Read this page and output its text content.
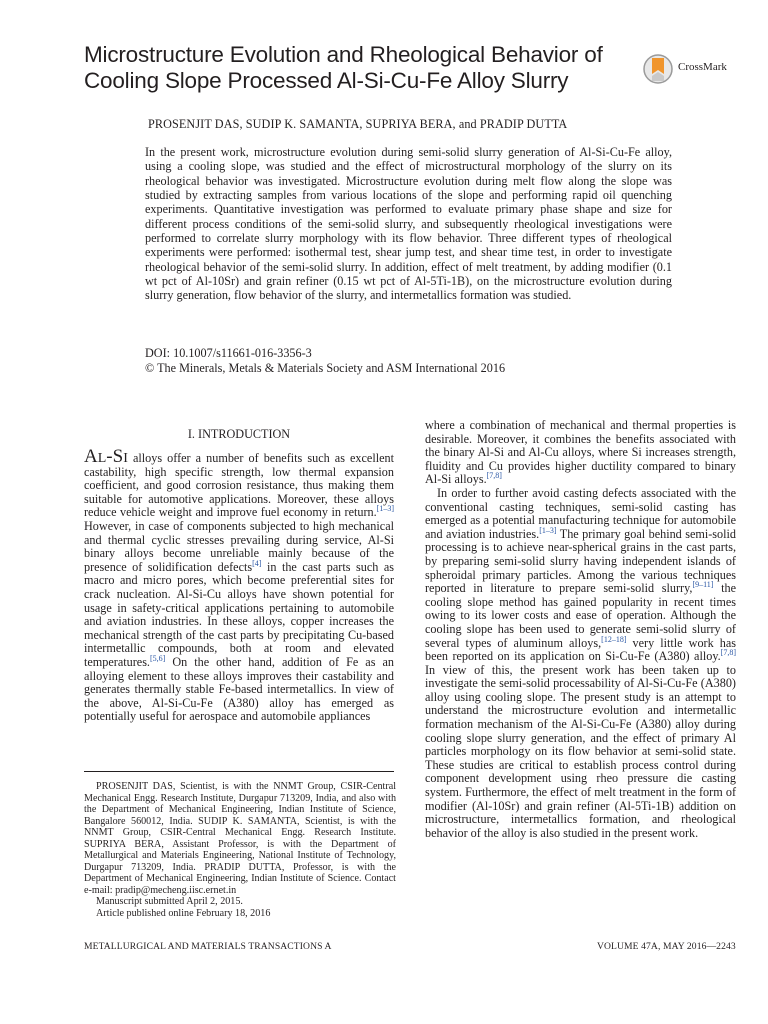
Microstructure Evolution and Rheological Behavior of
Cooling Slope Processed Al-Si-Cu-Fe Alloy Slurry
CrossMark
PROSENJIT DAS, SUDIP K. SAMANTA, SUPRIYA BERA, and PRADIP DUTTA

In the present work, microstructure evolution during semi-solid slurry generation of Al-Si-Cu-Fe alloy, using a cooling slope, was studied and the effect of microstructural morphology of the slurry on its rheological behavior was investigated. Microstructure evolution during melt flow along the slope was studied by extracting samples from various locations of the slope and performing rapid oil quenching experiments. Quantitative investigation was performed to evaluate primary phase shape and size for different process conditions of the semi-solid slurry, and subsequently rheological investigations were performed to correlate slurry morphology with its flow behavior. Three different types of rheological experiments were performed: isothermal test, shear jump test, and shear time test, in order to investigate rheological behavior of the semi-solid slurry. In addition, effect of melt treatment, by adding modifier (0.1 wt pct of Al-10Sr) and grain refiner (0.15 wt pct of Al-5Ti-1B), on the microstructure evolution during slurry generation, flow behavior of the slurry, and intermetallics formation was studied.

DOI: 10.1007/s11661-016-3356-3
© The Minerals, Metals & Materials Society and ASM International 2016
I. INTRODUCTION

AL-SI alloys offer a number of benefits such as excellent castability, high specific strength, low thermal expansion coefficient, and good corrosion resistance, thus making them suitable for automotive applications. Moreover, these alloys reduce vehicle weight and improve fuel economy in return.[1–3] However, in case of components subjected to high mechanical and thermal cyclic stresses prevailing during service, Al-Si binary alloys become unreliable mainly because of the presence of solidification defects[4] in the cast parts such as macro and micro pores, which become preferential sites for crack nucleation. Al-Si-Cu alloys have shown potential for usage in safety-critical applications pertaining to automobile and aviation industries. In these alloys, copper increases the mechanical strength of the cast parts by precipitating Cu-based intermetallic compounds, both at room and elevated temperatures.[5,6] On the other hand, addition of Fe as an alloying element to these alloys improves their castability and generates thermally stable Fe-based intermetallics. In view of the above, Al-Si-Cu-Fe (A380) alloy has emerged as potentially useful for aerospace and automobile appliances

PROSENJIT DAS, Scientist, is with the NNMT Group, CSIR-Central Mechanical Engg. Research Institute, Durgapur 713209, India, and also with the Department of Mechanical Engineering, Indian Institute of Science, Bangalore 560012, India. SUDIP K. SAMANTA, Scientist, is with the NNMT Group, CSIR-Central Mechanical Engg. Research Institute. SUPRIYA BERA, Assistant Professor, is with the Department of Metallurgical and Materials Engineering, National Institute of Technology, Durgapur 713209, India. PRADIP DUTTA, Professor, is with the Department of Mechanical Engineering, Indian Institute of Science. Contact e-mail: pradip@mecheng.iisc.ernet.in

Manuscript submitted April 2, 2015.

Article published online February 18, 2016

where a combination of mechanical and thermal properties is desirable. Moreover, it combines the benefits associated with the binary Al-Si and Al-Cu alloys, where Si increases strength, fluidity and Cu provides higher ductility compared to binary Al-Si alloys.[7,8]

In order to further avoid casting defects associated with the conventional casting techniques, semi-solid casting has emerged as a potential manufacturing technique for automobile and aviation industries.[1–3] The primary goal behind semi-solid processing is to achieve near-spherical grains in the cast parts, by preparing semi-solid slurry having independent islands of spheroidal primary particles. Among the various techniques reported in literature to prepare semi-solid slurry,[9–11] the cooling slope method has gained popularity in recent times owing to its lower costs and ease of operation. Although the cooling slope has been used to generate semi-solid slurry of several types of aluminum alloys,[12–18] very little work has been reported on its application on Si-Cu-Fe (A380) alloy.[7,8] In view of this, the present work has been taken up to investigate the semi-solid processability of Al-Si-Cu-Fe (A380) alloy using cooling slope. The present study is an attempt to understand the microstructure evolution and intermetallic formation mechanism of the Al-Si-Cu-Fe (A380) alloy during cooling slope slurry generation, and the effect of primary Al particles morphology on its flow behavior at semi-solid state. These studies are critical to establish process control during component development using rheo pressure die casting system. Furthermore, the effect of melt treatment in the form of modifier (Al-10Sr) and grain refiner (Al-5Ti-1B) addition on microstructure, intermetallics formation, and rheological behavior of the alloy is also studied in the present work.

METALLURGICAL AND MATERIALS TRANSACTIONS A	VOLUME 47A, MAY 2016—2243
